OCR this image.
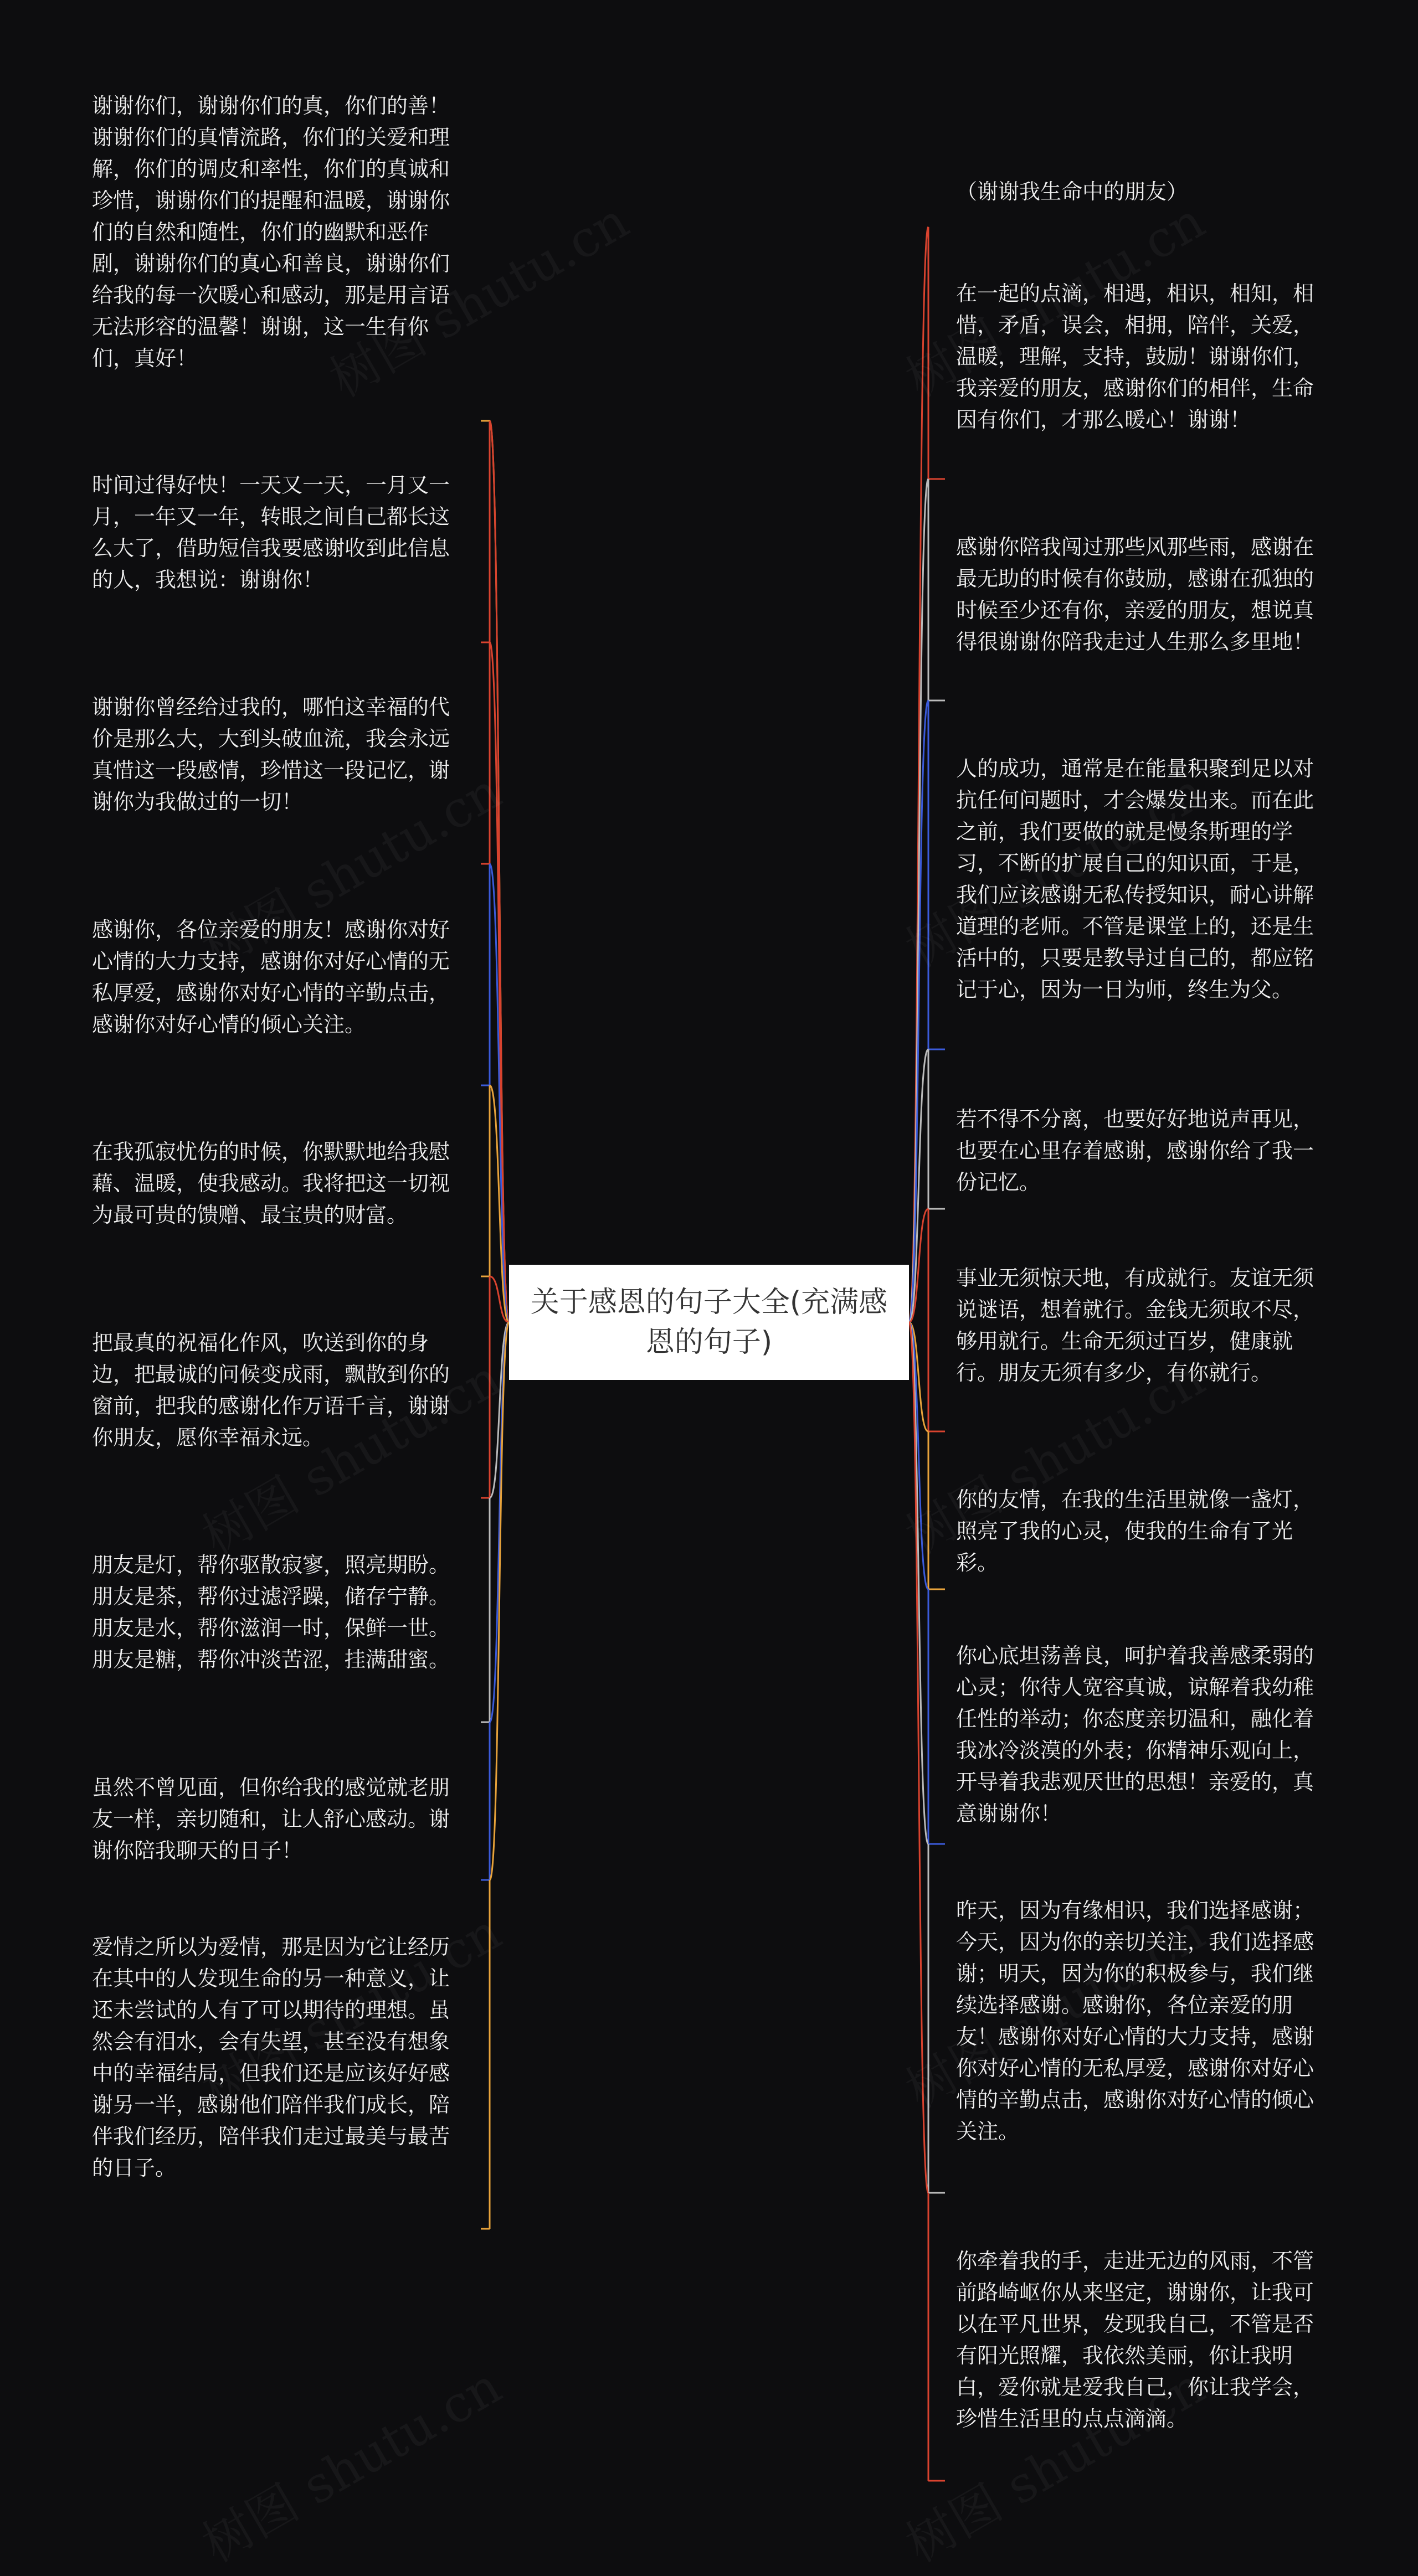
关于感恩的句子大全(充满感恩的句子)

谢谢你们，谢谢你们的真，你们的善！谢谢你们的真情流路，你们的关爱和理解，你们的调皮和率性，你们的真诚和珍惜，谢谢你们的提醒和温暖，谢谢你们的自然和随性，你们的幽默和恶作剧，谢谢你们的真心和善良，谢谢你们给我的每一次暖心和感动，那是用言语无法形容的温馨！谢谢，这一生有你们，真好！

时间过得好快！一天又一天，一月又一月，一年又一年，转眼之间自己都长这么大了，借助短信我要感谢收到此信息的人，我想说：谢谢你！

谢谢你曾经给过我的，哪怕这幸福的代价是那么大，大到头破血流，我会永远真惜这一段感情，珍惜这一段记忆，谢谢你为我做过的一切！

感谢你，各位亲爱的朋友！感谢你对好心情的大力支持，感谢你对好心情的无私厚爱，感谢你对好心情的辛勤点击，感谢你对好心情的倾心关注。

在我孤寂忧伤的时候，你默默地给我慰藉、温暖，使我感动。我将把这一切视为最可贵的馈赠、最宝贵的财富。

把最真的祝福化作风，吹送到你的身边，把最诚的问候变成雨，飘散到你的窗前，把我的感谢化作万语千言，谢谢你朋友，愿你幸福永远。

朋友是灯，帮你驱散寂寥，照亮期盼。朋友是茶，帮你过滤浮躁，储存宁静。朋友是水，帮你滋润一时，保鲜一世。朋友是糖，帮你冲淡苦涩，挂满甜蜜。

虽然不曾见面，但你给我的感觉就老朋友一样，亲切随和，让人舒心感动。谢谢你陪我聊天的日子！

爱情之所以为爱情，那是因为它让经历在其中的人发现生命的另一种意义，让还未尝试的人有了可以期待的理想。虽然会有泪水，会有失望，甚至没有想象中的幸福结局，但我们还是应该好好感谢另一半，感谢他们陪伴我们成长，陪伴我们经历，陪伴我们走过最美与最苦的日子。

（谢谢我生命中的朋友）

在一起的点滴，相遇，相识，相知，相惜，矛盾，误会，相拥，陪伴，关爱，温暖，理解，支持，鼓励！谢谢你们，我亲爱的朋友，感谢你们的相伴，生命因有你们，才那么暖心！谢谢！

感谢你陪我闯过那些风那些雨，感谢在最无助的时候有你鼓励，感谢在孤独的时候至少还有你，亲爱的朋友，想说真得很谢谢你陪我走过人生那么多里地！

人的成功，通常是在能量积聚到足以对抗任何问题时，才会爆发出来。而在此之前，我们要做的就是慢条斯理的学习，不断的扩展自己的知识面，于是，我们应该感谢无私传授知识，耐心讲解道理的老师。不管是课堂上的，还是生活中的，只要是教导过自己的，都应铭记于心，因为一日为师，终生为父。

若不得不分离，也要好好地说声再见，也要在心里存着感谢，感谢你给了我一份记忆。

事业无须惊天地，有成就行。友谊无须说谜语，想着就行。金钱无须取不尽，够用就行。生命无须过百岁，健康就行。朋友无须有多少，有你就行。

你的友情，在我的生活里就像一盏灯，照亮了我的心灵，使我的生命有了光彩。

你心底坦荡善良，呵护着我善感柔弱的心灵；你待人宽容真诚，谅解着我幼稚任性的举动；你态度亲切温和，融化着我冰冷淡漠的外表；你精神乐观向上，开导着我悲观厌世的思想！亲爱的，真意谢谢你！

昨天，因为有缘相识，我们选择感谢；今天，因为你的亲切关注，我们选择感谢；明天，因为你的积极参与，我们继续选择感谢。感谢你，各位亲爱的朋友！感谢你对好心情的大力支持，感谢你对好心情的无私厚爱，感谢你对好心情的辛勤点击，感谢你对好心情的倾心关注。

你牵着我的手，走进无边的风雨，不管前路崎岖你从来坚定，谢谢你，让我可以在平凡世界，发现我自己，不管是否有阳光照耀，我依然美丽，你让我明白，爱你就是爱我自己，你让我学会，珍惜生活里的点点滴滴。
